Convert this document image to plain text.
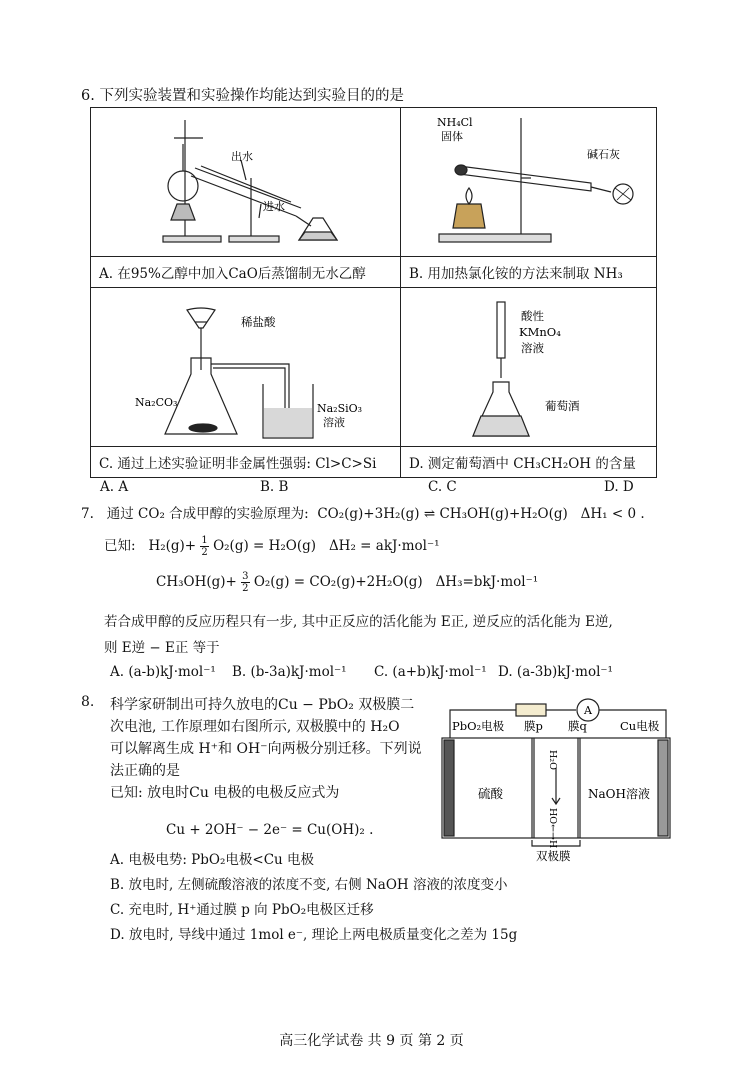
6. 下列实验装置和实验操作均能达到实验目的的是
出水
进水	NH₄Cl
固体
碱石灰

A. 在95%乙醇中加入CaO后蒸馏制无水乙醇	B. 用加热氯化铵的方法来制取 NH₃

稀盐酸
Na₂CO₃ Na₂SiO₃
溶液	酸性
KMnO₄
溶液
葡萄酒

C. 通过上述实验证明非金属性强弱: Cl>C>Si	D. 测定葡萄酒中 CH₃CH₂OH 的含量
A. A	B. B	C. C	D. D
7. 通过 CO₂ 合成甲醇的实验原理为: CO₂(g)+3H₂(g) ⇌ CH₃OH(g)+H₂O(g) ΔH₁ < 0 .
已知: $H_2(g)+ \frac{1}{2} O_2(g) = H_2O(g) \Delta H_2 = akJ\cdot mol^{-1}$
$CH_3OH(g)+ \frac{3}{2} O_2(g) = CO_2(g)+2H_2O(g)$ ΔH₃=bkJ·mol⁻¹
若合成甲醇的反应历程只有一步, 其中正反应的活化能为 E正, 逆反应的活化能为 E逆,
则 E逆 − E正 等于
A. (a-b)kJ·mol⁻¹ B. (b-3a)kJ·mol⁻¹ C. (a+b)kJ·mol⁻¹ D. (a-3b)kJ·mol⁻¹
8. 科学家研制出可持久放电的Cu − PbO₂ 双极膜二
次电池, 工作原理如右图所示, 双极膜中的 H₂O
可以解离生成 H⁺和 OH⁻向两极分别迁移。下列说
法正确的是
已知: 放电时Cu 电极的电极反应式为
Cu + 2OH⁻ − 2e⁻ = Cu(OH)₂ .
A. 电极电势: PbO₂电极<Cu 电极
B. 放电时, 左侧硫酸溶液的浓度不变, 右侧 NaOH 溶液的浓度变小
C. 充电时, H⁺通过膜 p 向 PbO₂电极区迁移
D. 放电时, 导线中通过 1mol e⁻, 理论上两电极质量变化之差为 15g
PbO₂电极 膜p 膜q
A
Cu电极
硫酸	NaOH溶液
H₂O
HO←→H
双极膜
高三化学试卷 共 9 页 第 2 页
